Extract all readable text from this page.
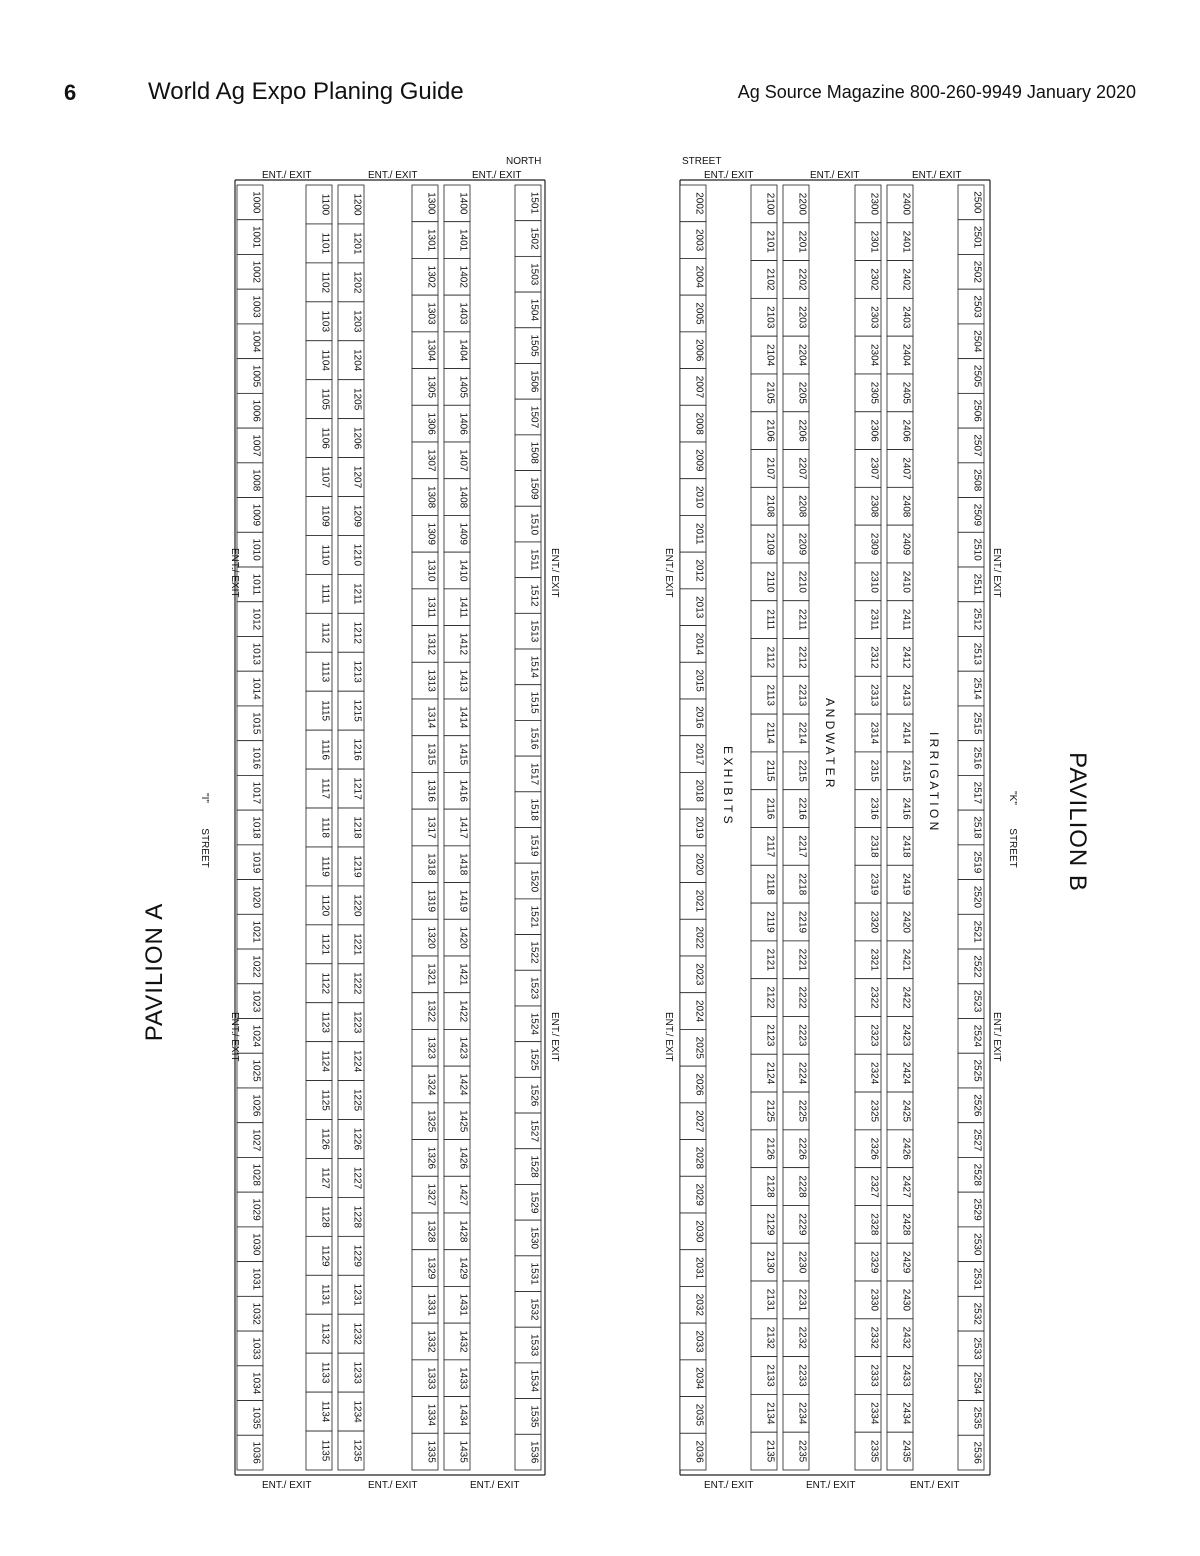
6	World Ag Expo Planing Guide	Ag Source Magazine 800-260-9949 January 2020
1000
1001
1002
1003
1004
1005
1006
1007
1008
1009
1010
1011
1012
1013
1014
1015
1016
1017
1018
1019
1020
1021
1022
1023
1024
1025
1026
1027
1028
1029
1030
1031
1032
1033
1034
1035
1036
1100
1101
1102
1103
1104
1105
1106
1107
1109
1110
1111
1112
1113
1115
1116
1117
1118
1119
1120
1121
1122
1123
1124
1125
1126
1127
1128
1129
1131
1132
1133
1134
1135
1200
1201
1202
1203
1204
1205
1206
1207
1209
1210
1211
1212
1213
1215
1216
1217
1218
1219
1220
1221
1222
1223
1224
1225
1226
1227
1228
1229
1231
1232
1233
1234
1235
1300
1301
1302
1303
1304
1305
1306
1307
1308
1309
1310
1311
1312
1313
1314
1315
1316
1317
1318
1319
1320
1321
1322
1323
1324
1325
1326
1327
1328
1329
1331
1332
1333
1334
1335
1400
1401
1402
1403
1404
1405
1406
1407
1408
1409
1410
1411
1412
1413
1414
1415
1416
1417
1418
1419
1420
1421
1422
1423
1424
1425
1426
1427
1428
1429
1431
1432
1433
1434
1435
1501
1502
1503
1504
1505
1506
1507
1508
1509
1510
1511
1512
1513
1514
1515
1516
1517
1518
1519
1520
1521
1522
1523
1524
1525
1526
1527
1528
1529
1530
1531
1532
1533
1534
1535
1536
2002
2003
2004
2005
2006
2007
2008
2009
2010
2011
2012
2013
2014
2015
2016
2017
2018
2019
2020
2021
2022
2023
2024
2025
2026
2027
2028
2029
2030
2031
2032
2033
2034
2035
2036
2100
2101
2102
2103
2104
2105
2106
2107
2108
2109
2110
2111
2112
2113
2114
2115
2116
2117
2118
2119
2121
2122
2123
2124
2125
2126
2128
2129
2130
2131
2132
2133
2134
2135
2200
2201
2202
2203
2204
2205
2206
2207
2208
2209
2210
2211
2212
2213
2214
2215
2216
2217
2218
2219
2221
2222
2223
2224
2225
2226
2228
2229
2230
2231
2232
2233
2234
2235
2300
2301
2302
2303
2304
2305
2306
2307
2308
2309
2310
2311
2312
2313
2314
2315
2316
2318
2319
2320
2321
2322
2323
2324
2325
2326
2327
2328
2329
2330
2332
2333
2334
2335
2400
2401
2402
2403
2404
2405
2406
2407
2408
2409
2410
2411
2412
2413
2414
2415
2416
2418
2419
2420
2421
2422
2423
2424
2425
2426
2427
2428
2429
2430
2432
2433
2434
2435
2500
2501
2502
2503
2504
2505
2506
2507
2508
2509
2510
2511
2512
2513
2514
2515
2516
2517
2518
2519
2520
2521
2522
2523
2524
2525
2526
2527
2528
2529
2530
2531
2532
2533
2534
2535
2536
PAVILION A
"I"
STREET
NORTH
ENT./ EXIT	ENT./ EXIT	ENT./ EXIT
ENT./ EXIT	ENT./ EXIT	ENT./ EXIT
ENT./ EXIT
ENT./ EXIT
ENT./ EXIT
ENT./ EXIT
PAVILION B
"K"
STREET
STREET
ENT./ EXIT	ENT./ EXIT	ENT./ EXIT
ENT./ EXIT	ENT./ EXIT	ENT./ EXIT
ENT./ EXIT
ENT./ EXIT
ENT./ EXIT
ENT./ EXIT
I R R I G A T I O N
A N D W A T E R
E X H I B I T S
